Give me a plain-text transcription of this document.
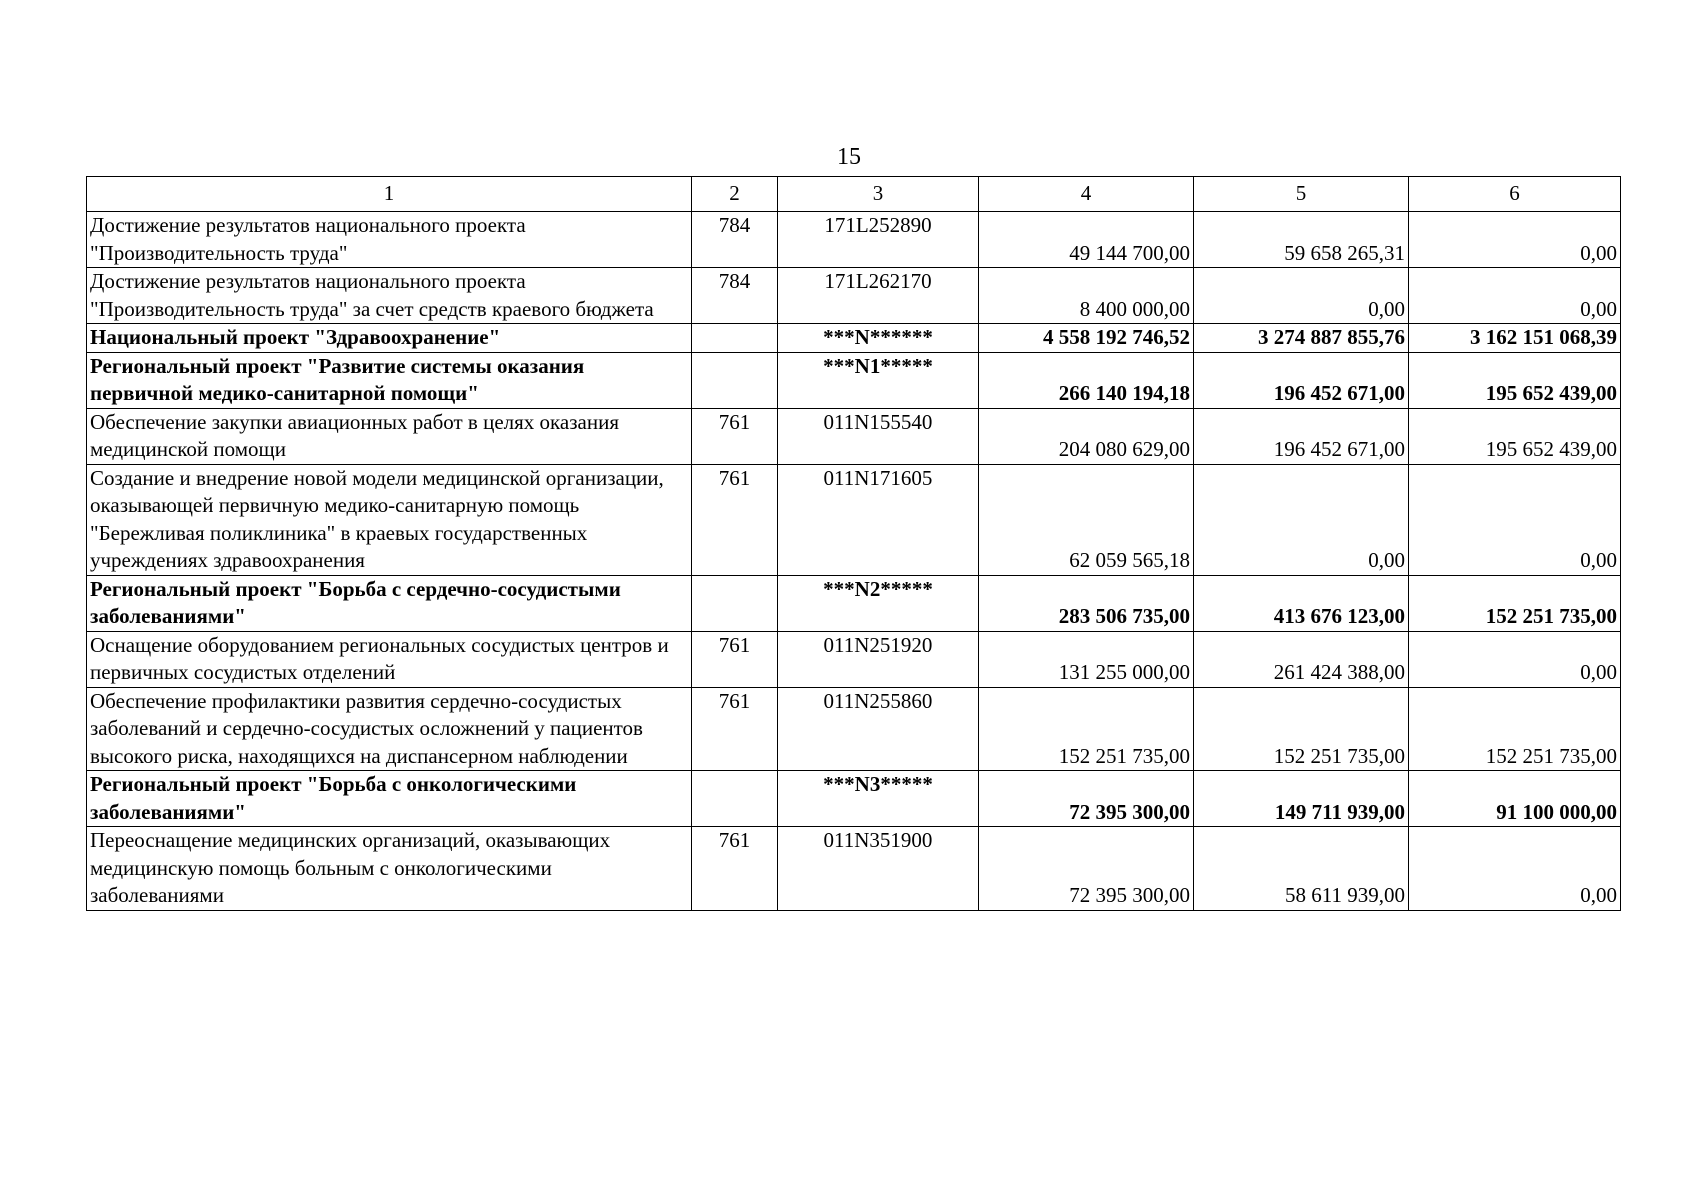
15
1	2	3	4	5	6
Достижение результатов национального проекта "Производительность труда"	784	171L252890	49 144 700,00	59 658 265,31	0,00
Достижение результатов национального проекта "Производительность труда" за счет средств краевого бюджета	784	171L262170	8 400 000,00	0,00	0,00
Национальный проект "Здравоохранение"		***N******	4 558 192 746,52	3 274 887 855,76	3 162 151 068,39
Региональный проект "Развитие системы оказания первичной медико-санитарной помощи"		***N1*****	266 140 194,18	196 452 671,00	195 652 439,00
Обеспечение закупки авиационных работ в целях оказания медицинской помощи	761	011N155540	204 080 629,00	196 452 671,00	195 652 439,00
Создание и внедрение новой модели медицинской организации, оказывающей первичную медико-санитарную помощь "Бережливая поликлиника" в краевых государственных учреждениях здравоохранения	761	011N171605	62 059 565,18	0,00	0,00
Региональный проект "Борьба с сердечно-сосудистыми заболеваниями"		***N2*****	283 506 735,00	413 676 123,00	152 251 735,00
Оснащение оборудованием региональных сосудистых центров и первичных сосудистых отделений	761	011N251920	131 255 000,00	261 424 388,00	0,00
Обеспечение профилактики развития сердечно-сосудистых заболеваний и сердечно-сосудистых осложнений у пациентов высокого риска, находящихся на диспансерном наблюдении	761	011N255860	152 251 735,00	152 251 735,00	152 251 735,00
Региональный проект "Борьба с онкологическими заболеваниями"		***N3*****	72 395 300,00	149 711 939,00	91 100 000,00
Переоснащение медицинских организаций, оказывающих медицинскую помощь больным с онкологическими заболеваниями	761	011N351900	72 395 300,00	58 611 939,00	0,00
